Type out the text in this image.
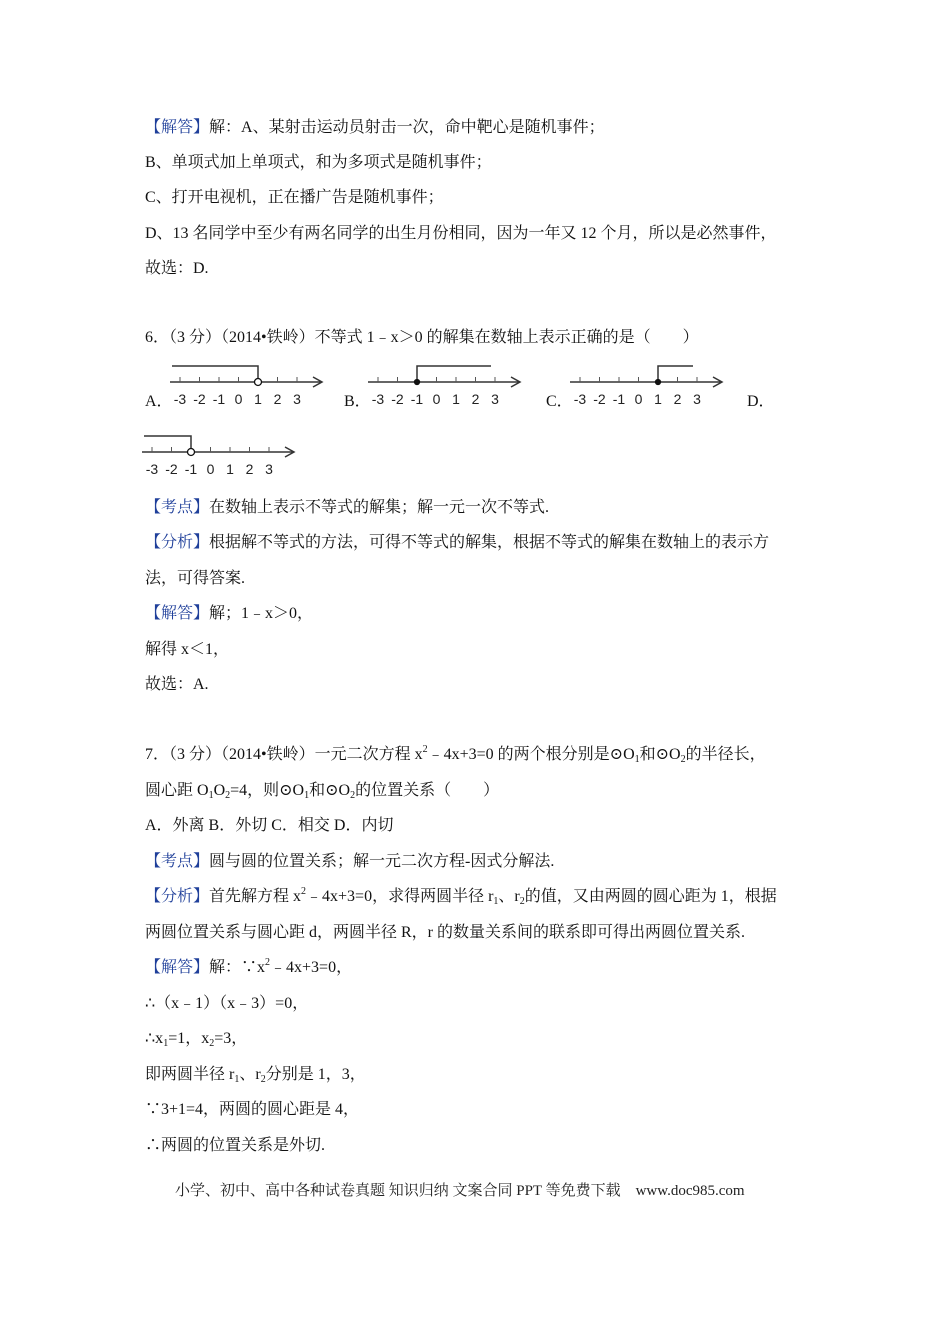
【解答】解：A、某射击运动员射击一次，命中靶心是随机事件；
B、单项式加上单项式，和为多项式是随机事件；
C、打开电视机，正在播广告是随机事件；
D、13 名同学中至少有两名同学的出生月份相同，因为一年又 12 个月，所以是必然事件，
故选：D.
6．（3 分）（2014•铁岭）不等式 1﹣x＞0 的解集在数轴上表示正确的是（　　）
A． -3 -2 -1 0 1 2 3	B． -3 -2 -1 0 1 2 3	C． -3 -2 -1 0 1 2 3	D．
-3 -2 -1 0 1 2 3
【考点】在数轴上表示不等式的解集；解一元一次不等式.
【分析】根据解不等式的方法，可得不等式的解集，根据不等式的解集在数轴上的表示方
法，可得答案.
【解答】解；1﹣x＞0，
解得 x＜1，
故选：A.
7．（3 分）（2014•铁岭）一元二次方程 $x^2﹣4x+3=0$ 的两个根分别是$⊙O_1$和$⊙O_2$的半径长，
圆心距 $O_1O_2=4$，则$⊙O_1$和$⊙O_2$的位置关系（　　）
A．外离 B．外切 C．相交 D．内切
【考点】圆与圆的位置关系；解一元二次方程-因式分解法.
【分析】首先解方程 $x^2﹣4x+3=0$，求得两圆半径 $r_1$、$r_2$的值，又由两圆的圆心距为 1，根据
两圆位置关系与圆心距 d，两圆半径 R，r 的数量关系间的联系即可得出两圆位置关系.
【解答】解：$\because x^2﹣4x+3=0$，
∴（x﹣1）（x﹣3）=0，
$\therefore x_1=1$，$x_2=3$，
即两圆半径 $r_1$、$r_2$分别是 1，3，
∵3+1=4，两圆的圆心距是 4，
∴两圆的位置关系是外切.
小学、初中、高中各种试卷真题 知识归纳 文案合同 PPT 等免费下载　www.doc985.com
